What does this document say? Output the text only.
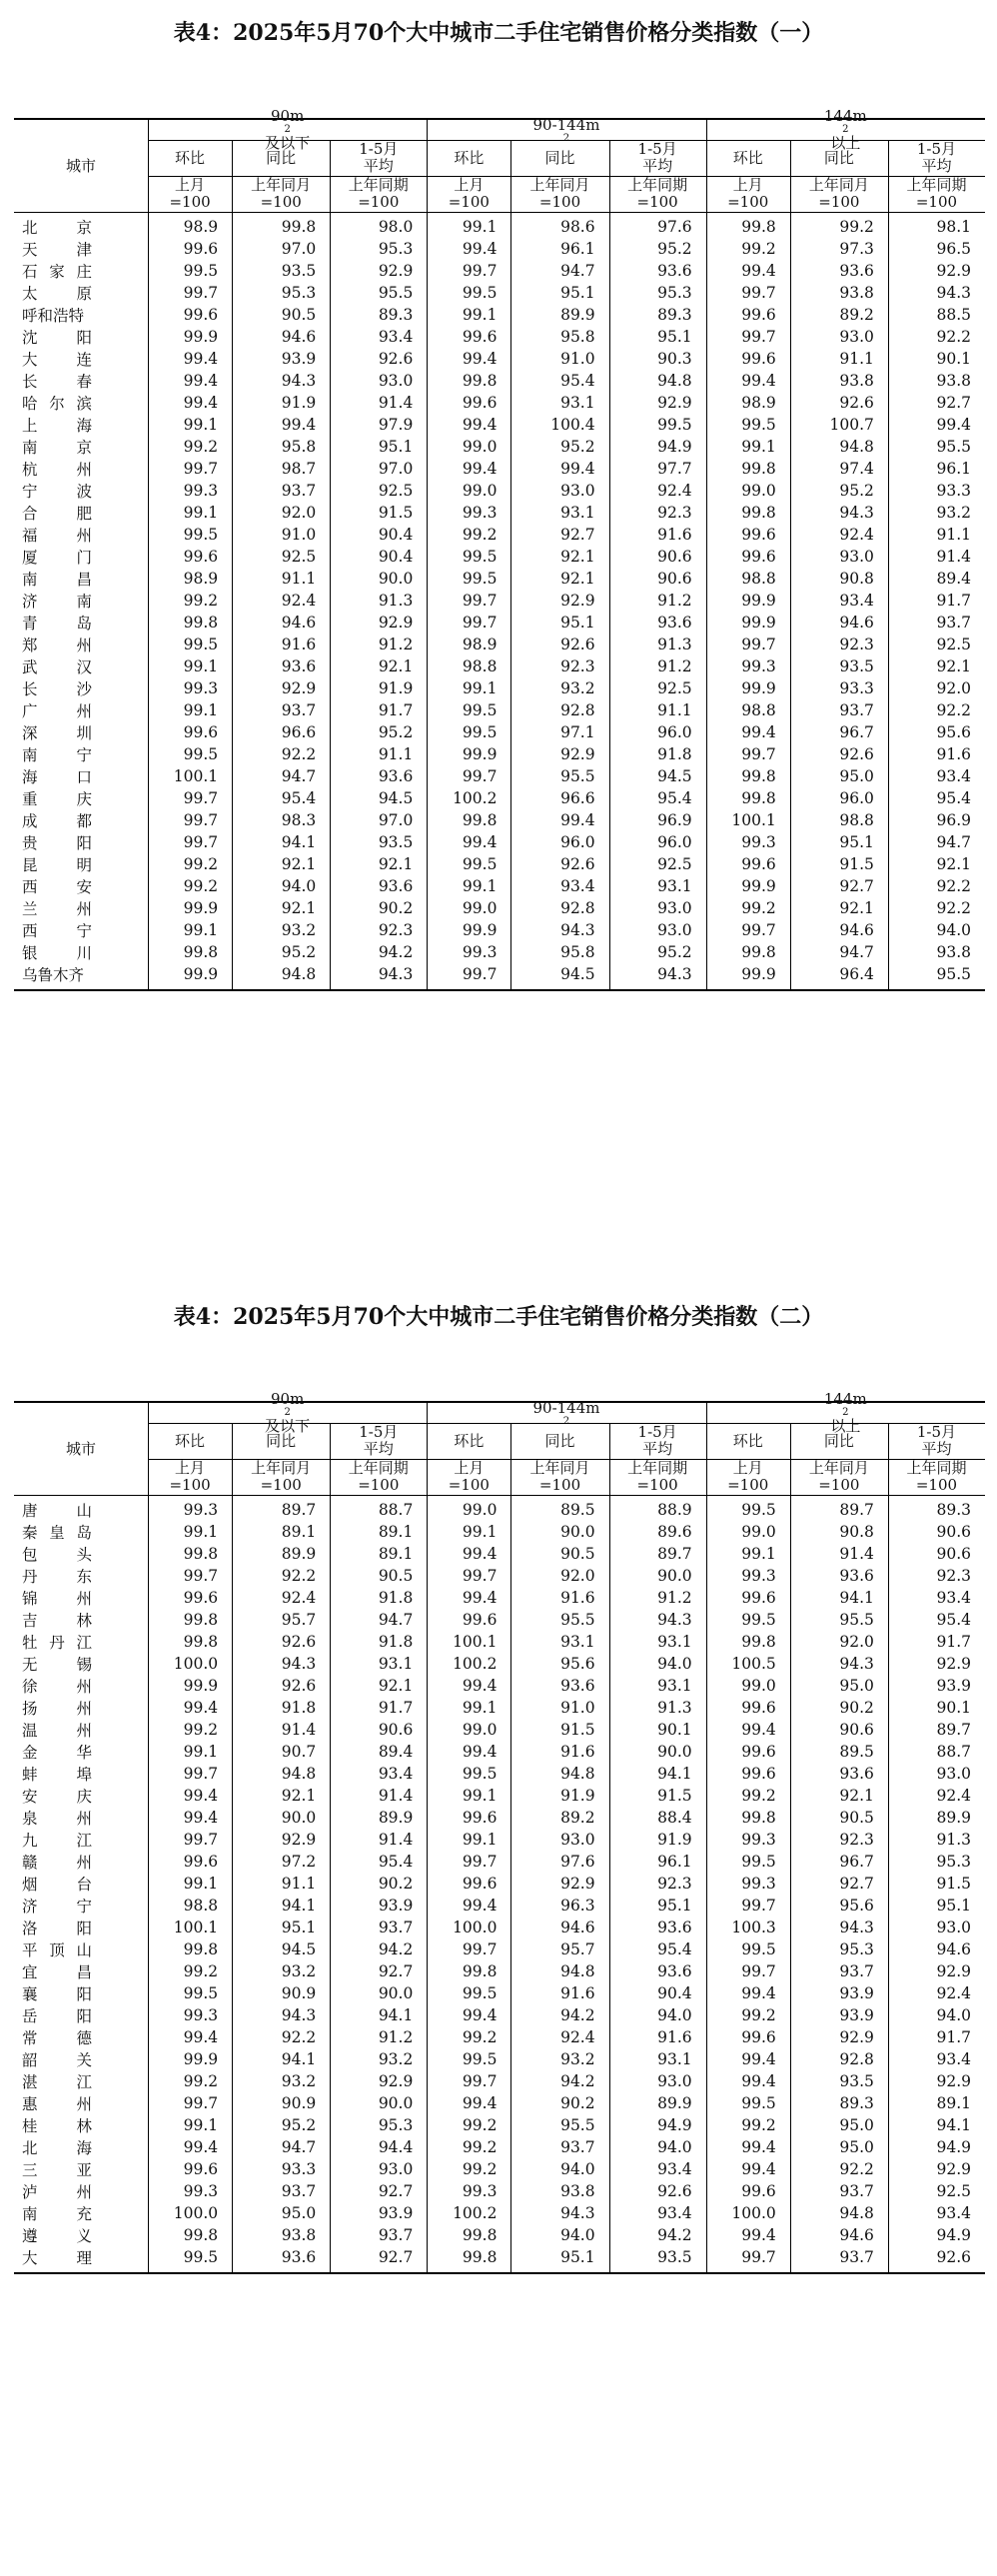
表4：2025年5月70个大中城市二手住宅销售价格分类指数（一）
城市
90m
2
及以下
90-144m
2
144m
2
以上
环比
上月
=100
同比
上年同月
=100
1-5月
平均
上年同期
=100
环比
上月
=100
同比
上年同月
=100
1-5月
平均
上年同期
=100
环比
上月
=100
同比
上年同月
=100
1-5月
平均
上年同期
=100
北	京	98.9	99.8	98.0	99.1	98.6	97.6	99.8	99.2	98.1
天	津	99.6	97.0	95.3	99.4	96.1	95.2	99.2	97.3	96.5
石 家 庄	99.5	93.5	92.9	99.7	94.7	93.6	99.4	93.6	92.9
太	原	99.7	95.3	95.5	99.5	95.1	95.3	99.7	93.8	94.3
呼和浩特	99.6	90.5	89.3	99.1	89.9	89.3	99.6	89.2	88.5
沈	阳	99.9	94.6	93.4	99.6	95.8	95.1	99.7	93.0	92.2
大	连	99.4	93.9	92.6	99.4	91.0	90.3	99.6	91.1	90.1
长	春	99.4	94.3	93.0	99.8	95.4	94.8	99.4	93.8	93.8
哈 尔 滨	99.4	91.9	91.4	99.6	93.1	92.9	98.9	92.6	92.7
上	海	99.1	99.4	97.9	99.4	100.4	99.5	99.5	100.7	99.4
南	京	99.2	95.8	95.1	99.0	95.2	94.9	99.1	94.8	95.5
杭	州	99.7	98.7	97.0	99.4	99.4	97.7	99.8	97.4	96.1
宁	波	99.3	93.7	92.5	99.0	93.0	92.4	99.0	95.2	93.3
合	肥	99.1	92.0	91.5	99.3	93.1	92.3	99.8	94.3	93.2
福	州	99.5	91.0	90.4	99.2	92.7	91.6	99.6	92.4	91.1
厦	门	99.6	92.5	90.4	99.5	92.1	90.6	99.6	93.0	91.4
南	昌	98.9	91.1	90.0	99.5	92.1	90.6	98.8	90.8	89.4
济	南	99.2	92.4	91.3	99.7	92.9	91.2	99.9	93.4	91.7
青	岛	99.8	94.6	92.9	99.7	95.1	93.6	99.9	94.6	93.7
郑	州	99.5	91.6	91.2	98.9	92.6	91.3	99.7	92.3	92.5
武	汉	99.1	93.6	92.1	98.8	92.3	91.2	99.3	93.5	92.1
长	沙	99.3	92.9	91.9	99.1	93.2	92.5	99.9	93.3	92.0
广	州	99.1	93.7	91.7	99.5	92.8	91.1	98.8	93.7	92.2
深	圳	99.6	96.6	95.2	99.5	97.1	96.0	99.4	96.7	95.6
南	宁	99.5	92.2	91.1	99.9	92.9	91.8	99.7	92.6	91.6
海	口	100.1	94.7	93.6	99.7	95.5	94.5	99.8	95.0	93.4
重	庆	99.7	95.4	94.5	100.2	96.6	95.4	99.8	96.0	95.4
成	都	99.7	98.3	97.0	99.8	99.4	96.9	100.1	98.8	96.9
贵	阳	99.7	94.1	93.5	99.4	96.0	96.0	99.3	95.1	94.7
昆	明	99.2	92.1	92.1	99.5	92.6	92.5	99.6	91.5	92.1
西	安	99.2	94.0	93.6	99.1	93.4	93.1	99.9	92.7	92.2
兰	州	99.9	92.1	90.2	99.0	92.8	93.0	99.2	92.1	92.2
西	宁	99.1	93.2	92.3	99.9	94.3	93.0	99.7	94.6	94.0
银	川	99.8	95.2	94.2	99.3	95.8	95.2	99.8	94.7	93.8
乌鲁木齐	99.9	94.8	94.3	99.7	94.5	94.3	99.9	96.4	95.5
表4：2025年5月70个大中城市二手住宅销售价格分类指数（二）
城市
90m
2
及以下
90-144m
2
144m
2
以上
环比
上月
=100
同比
上年同月
=100
1-5月
平均
上年同期
=100
环比
上月
=100
同比
上年同月
=100
1-5月
平均
上年同期
=100
环比
上月
=100
同比
上年同月
=100
1-5月
平均
上年同期
=100
唐	山	99.3	89.7	88.7	99.0	89.5	88.9	99.5	89.7	89.3
秦 皇 岛	99.1	89.1	89.1	99.1	90.0	89.6	99.0	90.8	90.6
包	头	99.8	89.9	89.1	99.4	90.5	89.7	99.1	91.4	90.6
丹	东	99.7	92.2	90.5	99.7	92.0	90.0	99.3	93.6	92.3
锦	州	99.6	92.4	91.8	99.4	91.6	91.2	99.6	94.1	93.4
吉	林	99.8	95.7	94.7	99.6	95.5	94.3	99.5	95.5	95.4
牡 丹 江	99.8	92.6	91.8	100.1	93.1	93.1	99.8	92.0	91.7
无	锡	100.0	94.3	93.1	100.2	95.6	94.0	100.5	94.3	92.9
徐	州	99.9	92.6	92.1	99.4	93.6	93.1	99.0	95.0	93.9
扬	州	99.4	91.8	91.7	99.1	91.0	91.3	99.6	90.2	90.1
温	州	99.2	91.4	90.6	99.0	91.5	90.1	99.4	90.6	89.7
金	华	99.1	90.7	89.4	99.4	91.6	90.0	99.6	89.5	88.7
蚌	埠	99.7	94.8	93.4	99.5	94.8	94.1	99.6	93.6	93.0
安	庆	99.4	92.1	91.4	99.1	91.9	91.5	99.2	92.1	92.4
泉	州	99.4	90.0	89.9	99.6	89.2	88.4	99.8	90.5	89.9
九	江	99.7	92.9	91.4	99.1	93.0	91.9	99.3	92.3	91.3
赣	州	99.6	97.2	95.4	99.7	97.6	96.1	99.5	96.7	95.3
烟	台	99.1	91.1	90.2	99.6	92.9	92.3	99.3	92.7	91.5
济	宁	98.8	94.1	93.9	99.4	96.3	95.1	99.7	95.6	95.1
洛	阳	100.1	95.1	93.7	100.0	94.6	93.6	100.3	94.3	93.0
平 顶 山	99.8	94.5	94.2	99.7	95.7	95.4	99.5	95.3	94.6
宜	昌	99.2	93.2	92.7	99.8	94.8	93.6	99.7	93.7	92.9
襄	阳	99.5	90.9	90.0	99.5	91.6	90.4	99.4	93.9	92.4
岳	阳	99.3	94.3	94.1	99.4	94.2	94.0	99.2	93.9	94.0
常	德	99.4	92.2	91.2	99.2	92.4	91.6	99.6	92.9	91.7
韶	关	99.9	94.1	93.2	99.5	93.2	93.1	99.4	92.8	93.4
湛	江	99.2	93.2	92.9	99.7	94.2	93.0	99.4	93.5	92.9
惠	州	99.7	90.9	90.0	99.4	90.2	89.9	99.5	89.3	89.1
桂	林	99.1	95.2	95.3	99.2	95.5	94.9	99.2	95.0	94.1
北	海	99.4	94.7	94.4	99.2	93.7	94.0	99.4	95.0	94.9
三	亚	99.6	93.3	93.0	99.2	94.0	93.4	99.4	92.2	92.9
泸	州	99.3	93.7	92.7	99.3	93.8	92.6	99.6	93.7	92.5
南	充	100.0	95.0	93.9	100.2	94.3	93.4	100.0	94.8	93.4
遵	义	99.8	93.8	93.7	99.8	94.0	94.2	99.4	94.6	94.9
大	理	99.5	93.6	92.7	99.8	95.1	93.5	99.7	93.7	92.6
